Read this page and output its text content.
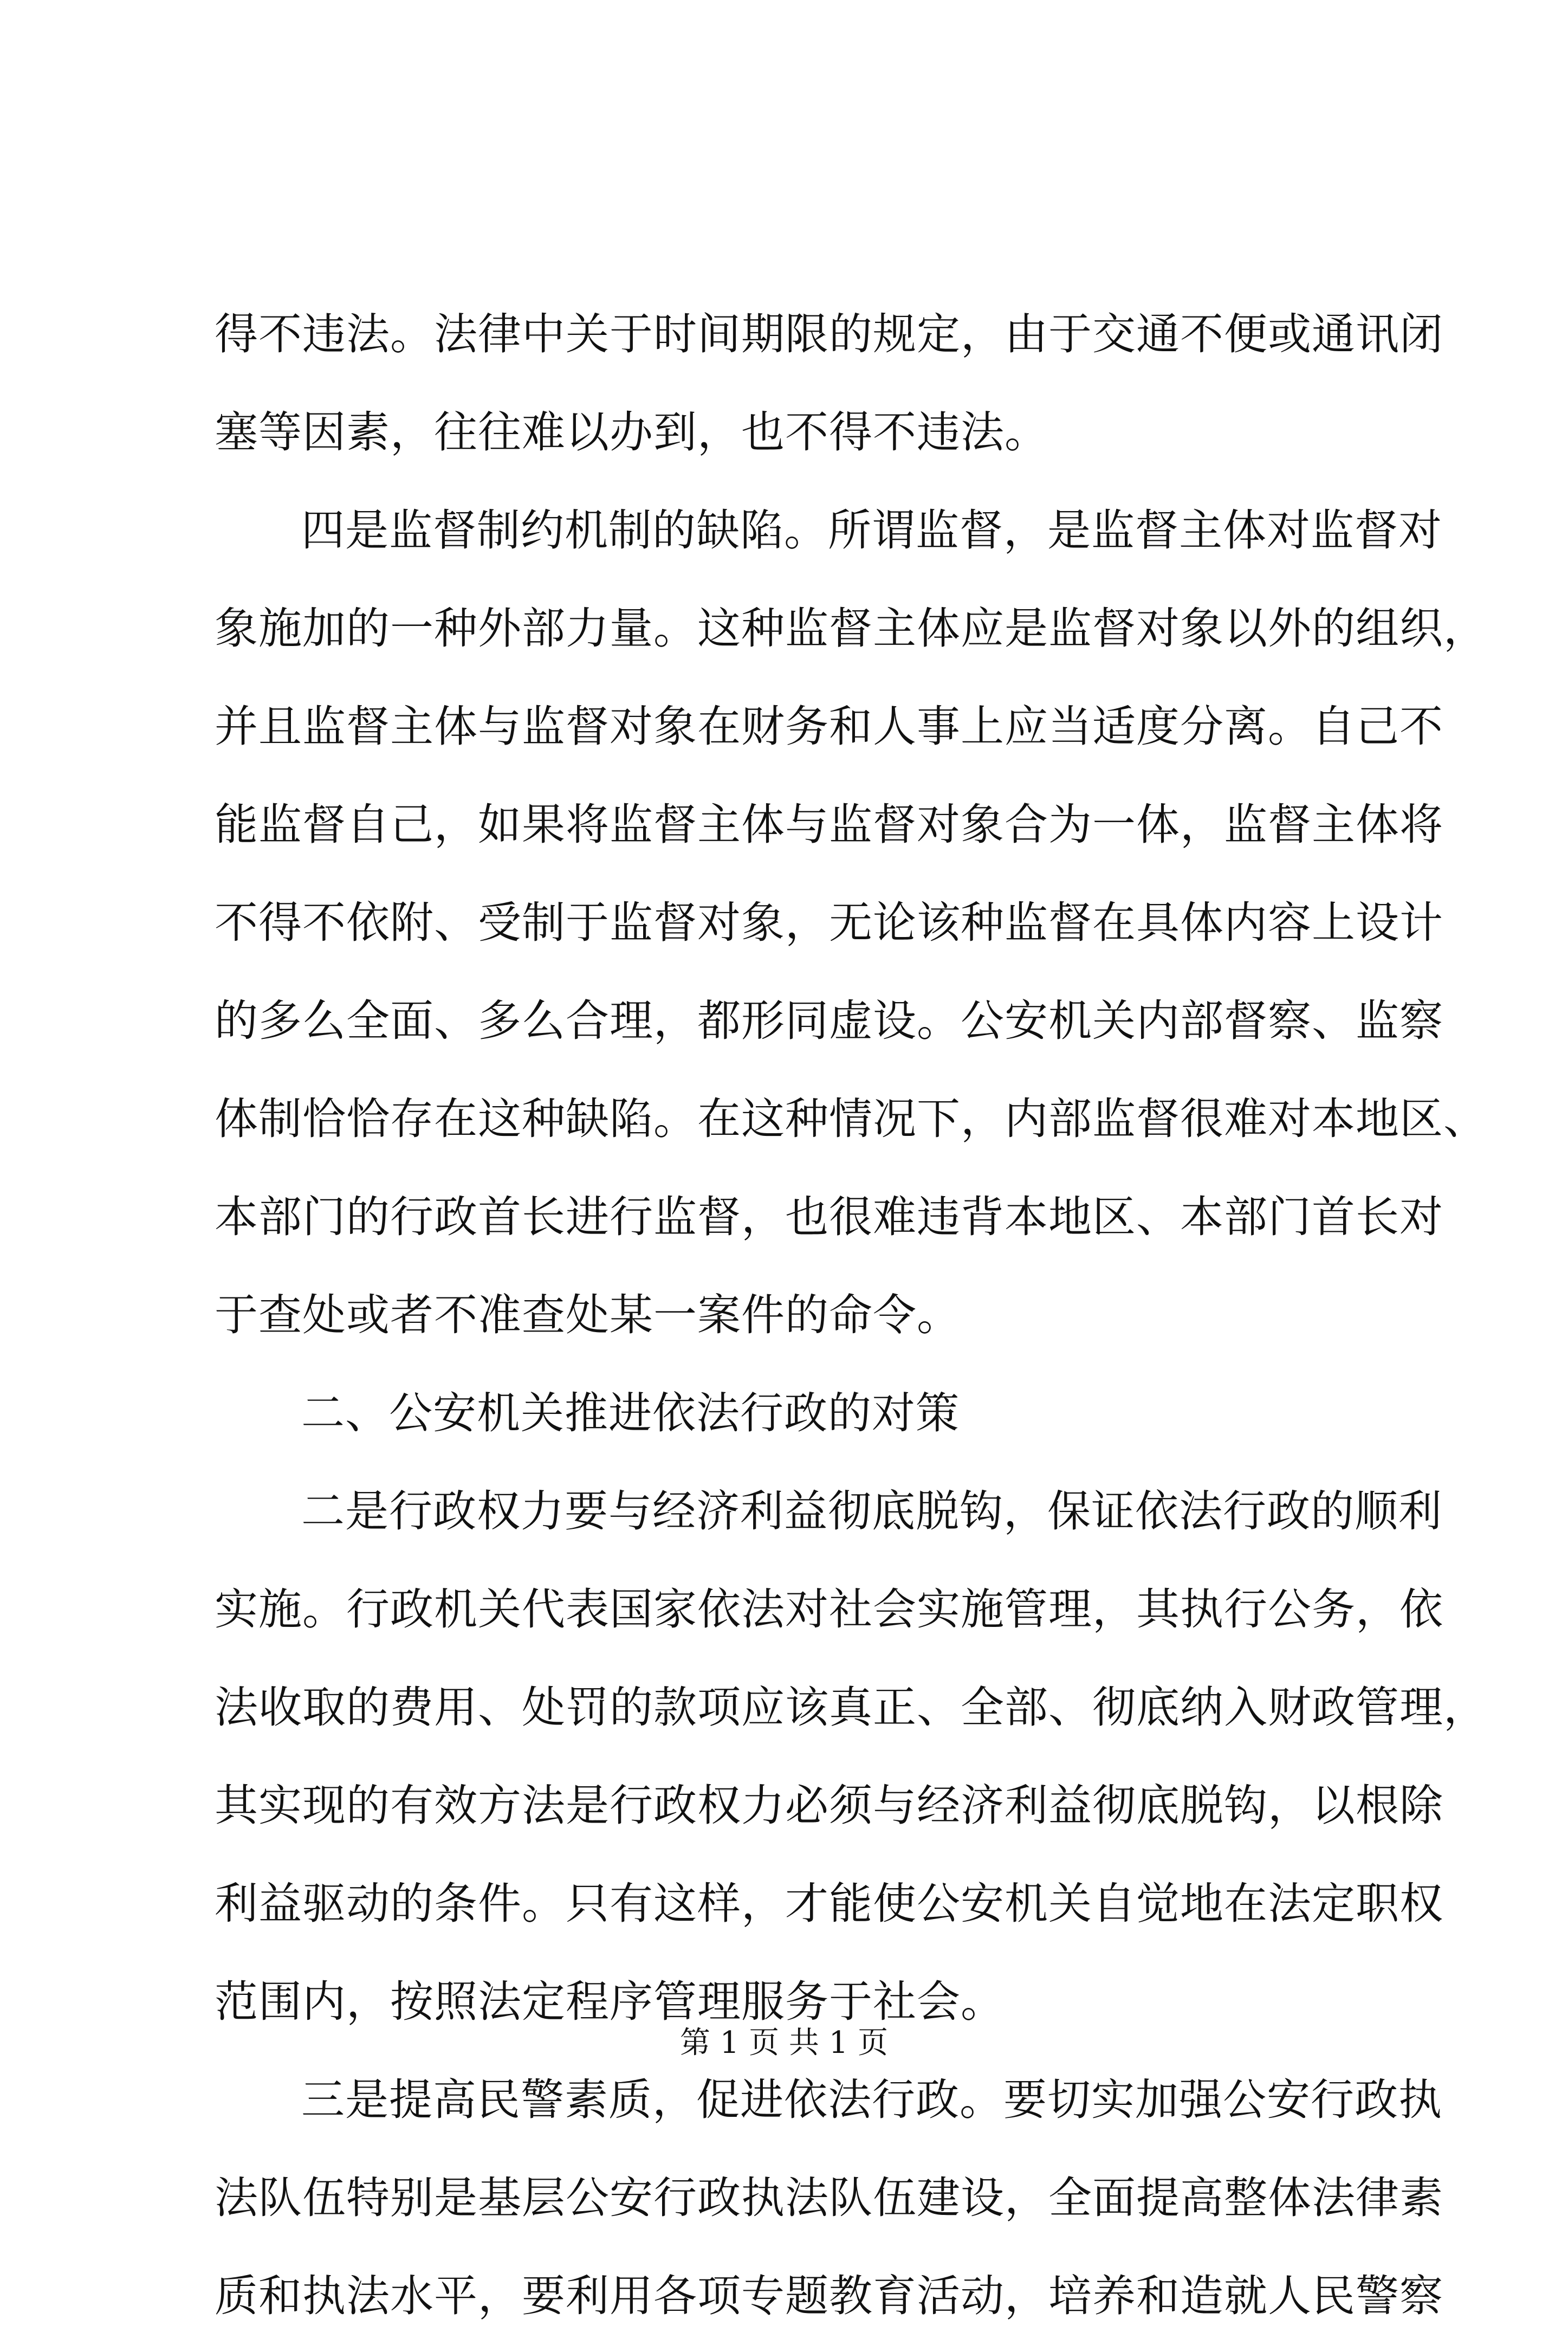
得不违法。法律中关于时间期限的规定，由于交通不便或通讯闭
塞等因素，往往难以办到，也不得不违法。
四是监督制约机制的缺陷。所谓监督，是监督主体对监督对
象施加的一种外部力量。这种监督主体应是监督对象以外的组织，
并且监督主体与监督对象在财务和人事上应当适度分离。自己不
能监督自己，如果将监督主体与监督对象合为一体，监督主体将
不得不依附、受制于监督对象，无论该种监督在具体内容上设计
的多么全面、多么合理，都形同虚设。公安机关内部督察、监察
体制恰恰存在这种缺陷。在这种情况下，内部监督很难对本地区、
本部门的行政首长进行监督，也很难违背本地区、本部门首长对
于查处或者不准查处某一案件的命令。
二、公安机关推进依法行政的对策
二是行政权力要与经济利益彻底脱钩，保证依法行政的顺利
实施。行政机关代表国家依法对社会实施管理，其执行公务，依
法收取的费用、处罚的款项应该真正、全部、彻底纳入财政管理，
其实现的有效方法是行政权力必须与经济利益彻底脱钩，以根除
利益驱动的条件。只有这样，才能使公安机关自觉地在法定职权
范围内，按照法定程序管理服务于社会。
三是提高民警素质，促进依法行政。要切实加强公安行政执
法队伍特别是基层公安行政执法队伍建设，全面提高整体法律素
质和执法水平，要利用各项专题教育活动，培养和造就人民警察
第 1 页 共 1 页
